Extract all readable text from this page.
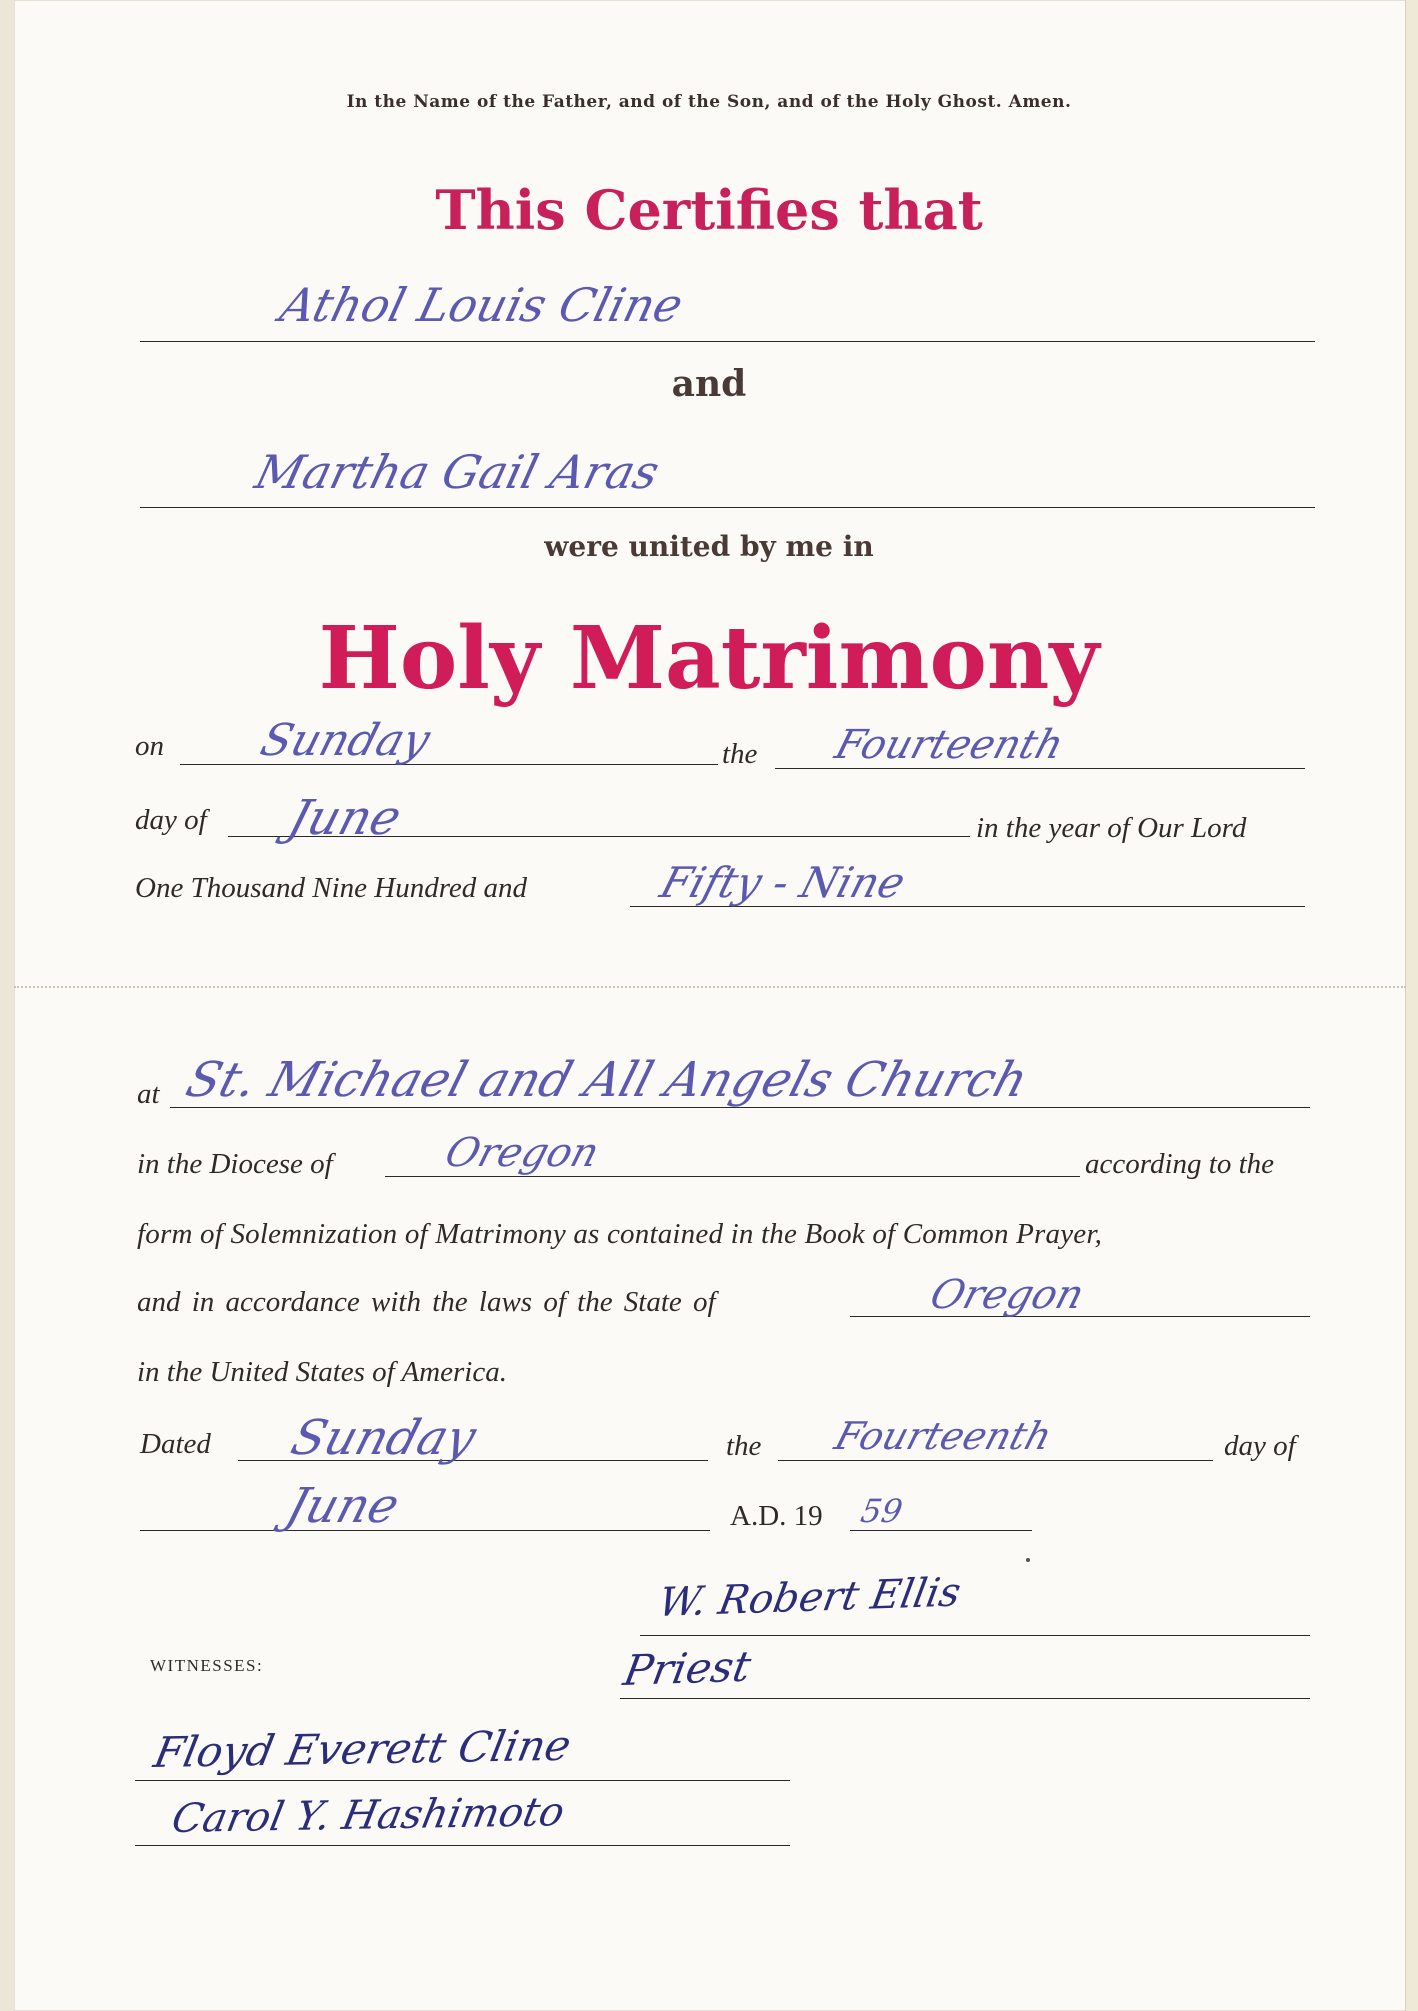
In the Name of the Father, and of the Son, and of the Holy Ghost. Amen.
This Certifies that
Athol Louis Cline
and
Martha Gail Aras
were united by me in
Holy Matrimony
on Sunday	the Fourteenth
day of June	in the year of Our Lord
One Thousand Nine Hundred and	Fifty - Nine
at St. Michael and All Angels Church
in the Diocese of	Oregon	according to the
form of Solemnization of Matrimony as contained in the Book of Common Prayer,
and in accordance with the laws of the State of	Oregon
in the United States of America.
Dated Sunday	the Fourteenth	day of
June	A.D. 19 59
W. Robert Ellis
Priest
WITNESSES:
Floyd Everett Cline
Carol Y. Hashimoto
